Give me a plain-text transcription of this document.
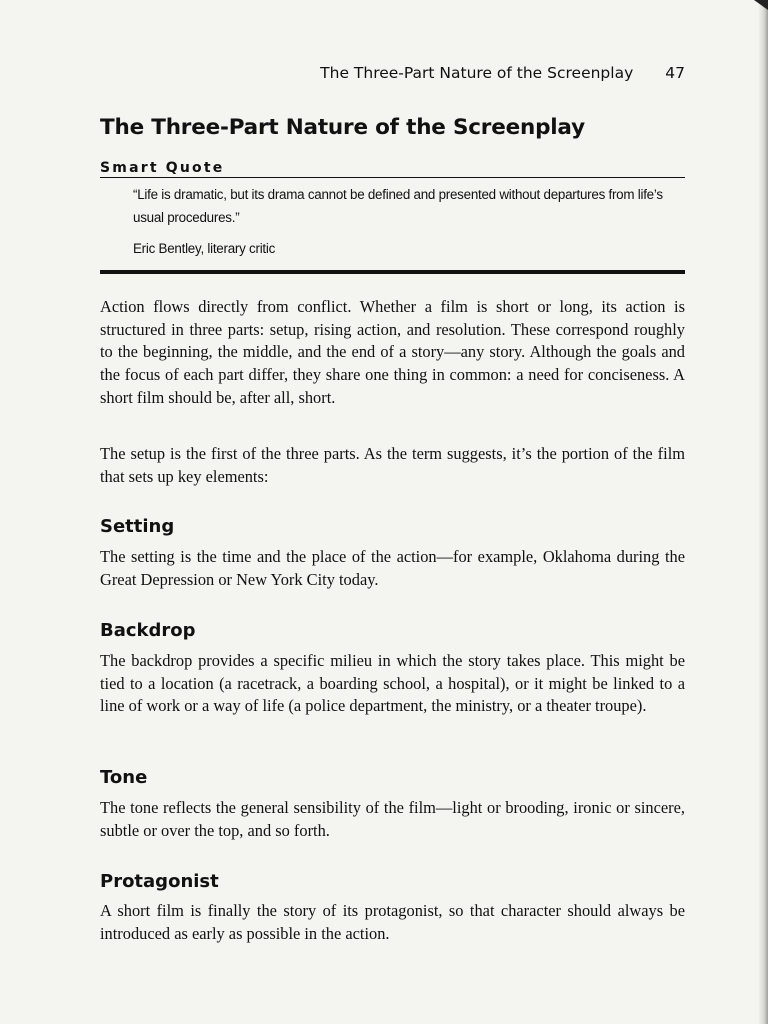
The Three-Part Nature of the Screenplay 47
The Three-Part Nature of the Screenplay
Smart Quote

“Life is dramatic, but its drama cannot be defined and presented without departures from life’s usual procedures.”

Eric Bentley, literary critic

Action flows directly from conflict. Whether a film is short or long, its action is structured in three parts: setup, rising action, and resolution. These correspond roughly to the beginning, the middle, and the end of a story—any story. Although the goals and the focus of each part differ, they share one thing in common: a need for conciseness. A short film should be, after all, short.

The setup is the first of the three parts. As the term suggests, it’s the portion of the film that sets up key elements:

Setting

The setting is the time and the place of the action—for example, Oklahoma during the Great Depression or New York City today.

Backdrop

The backdrop provides a specific milieu in which the story takes place. This might be tied to a location (a racetrack, a boarding school, a hospital), or it might be linked to a line of work or a way of life (a police department, the ministry, or a theater troupe).

Tone

The tone reflects the general sensibility of the film—light or brooding, ironic or sincere, subtle or over the top, and so forth.

Protagonist

A short film is finally the story of its protagonist, so that character should always be introduced as early as possible in the action.
